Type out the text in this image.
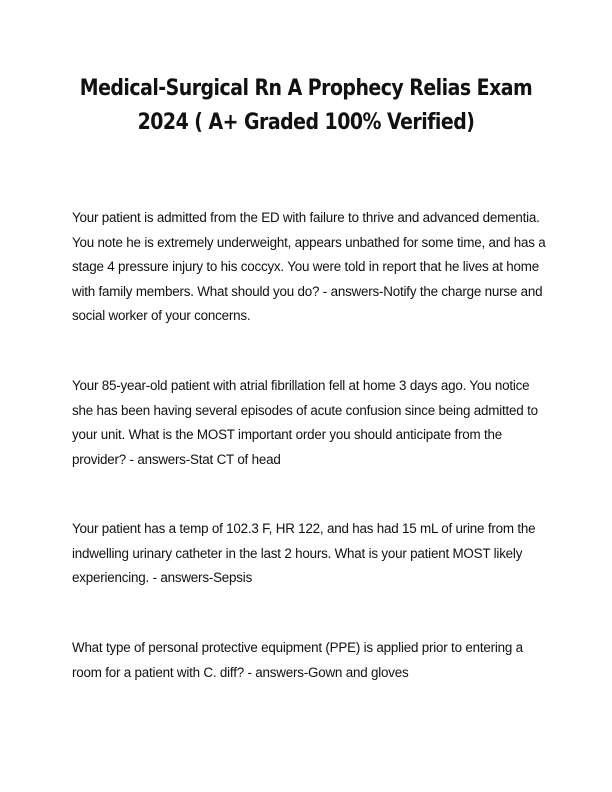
Medical-Surgical Rn A Prophecy Relias Exam
2024 ( A+ Graded 100% Verified)

Your patient is admitted from the ED with failure to thrive and advanced dementia. You note he is extremely underweight, appears unbathed for some time, and has a stage 4 pressure injury to his coccyx. You were told in report that he lives at home with family members. What should you do? - answers-Notify the charge nurse and social worker of your concerns.

Your 85-year-old patient with atrial fibrillation fell at home 3 days ago. You notice she has been having several episodes of acute confusion since being admitted to your unit. What is the MOST important order you should anticipate from the provider? - answers-Stat CT of head

Your patient has a temp of 102.3 F, HR 122, and has had 15 mL of urine from the indwelling urinary catheter in the last 2 hours. What is your patient MOST likely experiencing. - answers-Sepsis

What type of personal protective equipment (PPE) is applied prior to entering a room for a patient with C. diff? - answers-Gown and gloves
